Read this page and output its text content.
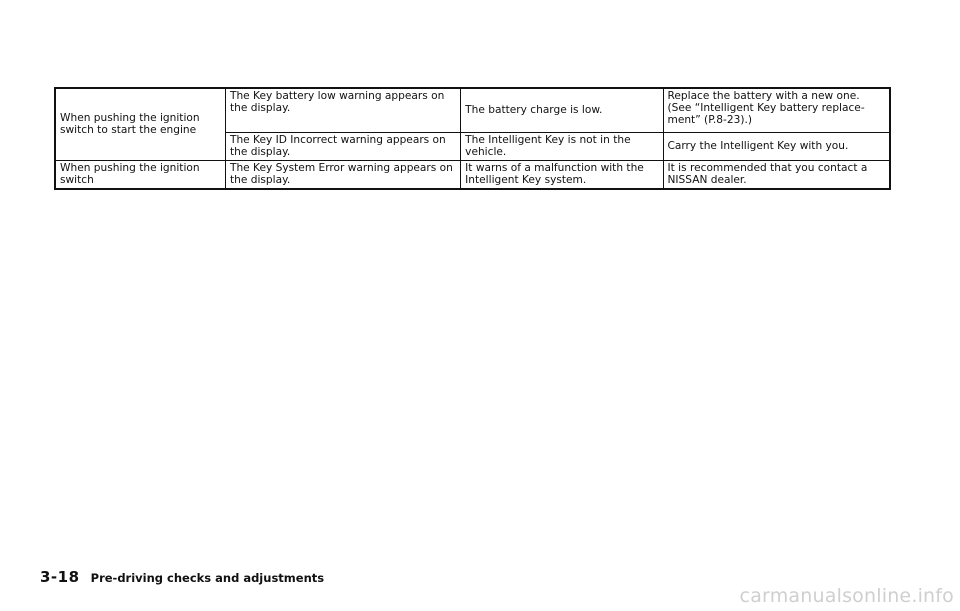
When pushing the ignition switch to start the engine	The Key battery low warning appears on the display.	The battery charge is low.	Replace the battery with a new one. (See “Intelligent Key battery replace-ment” (P.8-23).)
	The Key ID Incorrect warning appears on the display.	The Intelligent Key is not in the vehicle.	Carry the Intelligent Key with you.
When pushing the ignition switch	The Key System Error warning appears on the display.	It warns of a malfunction with the Intelligent Key system.	It is recommended that you contact a NISSAN dealer.
3-18 Pre-driving checks and adjustments
carmanualsonline.info
